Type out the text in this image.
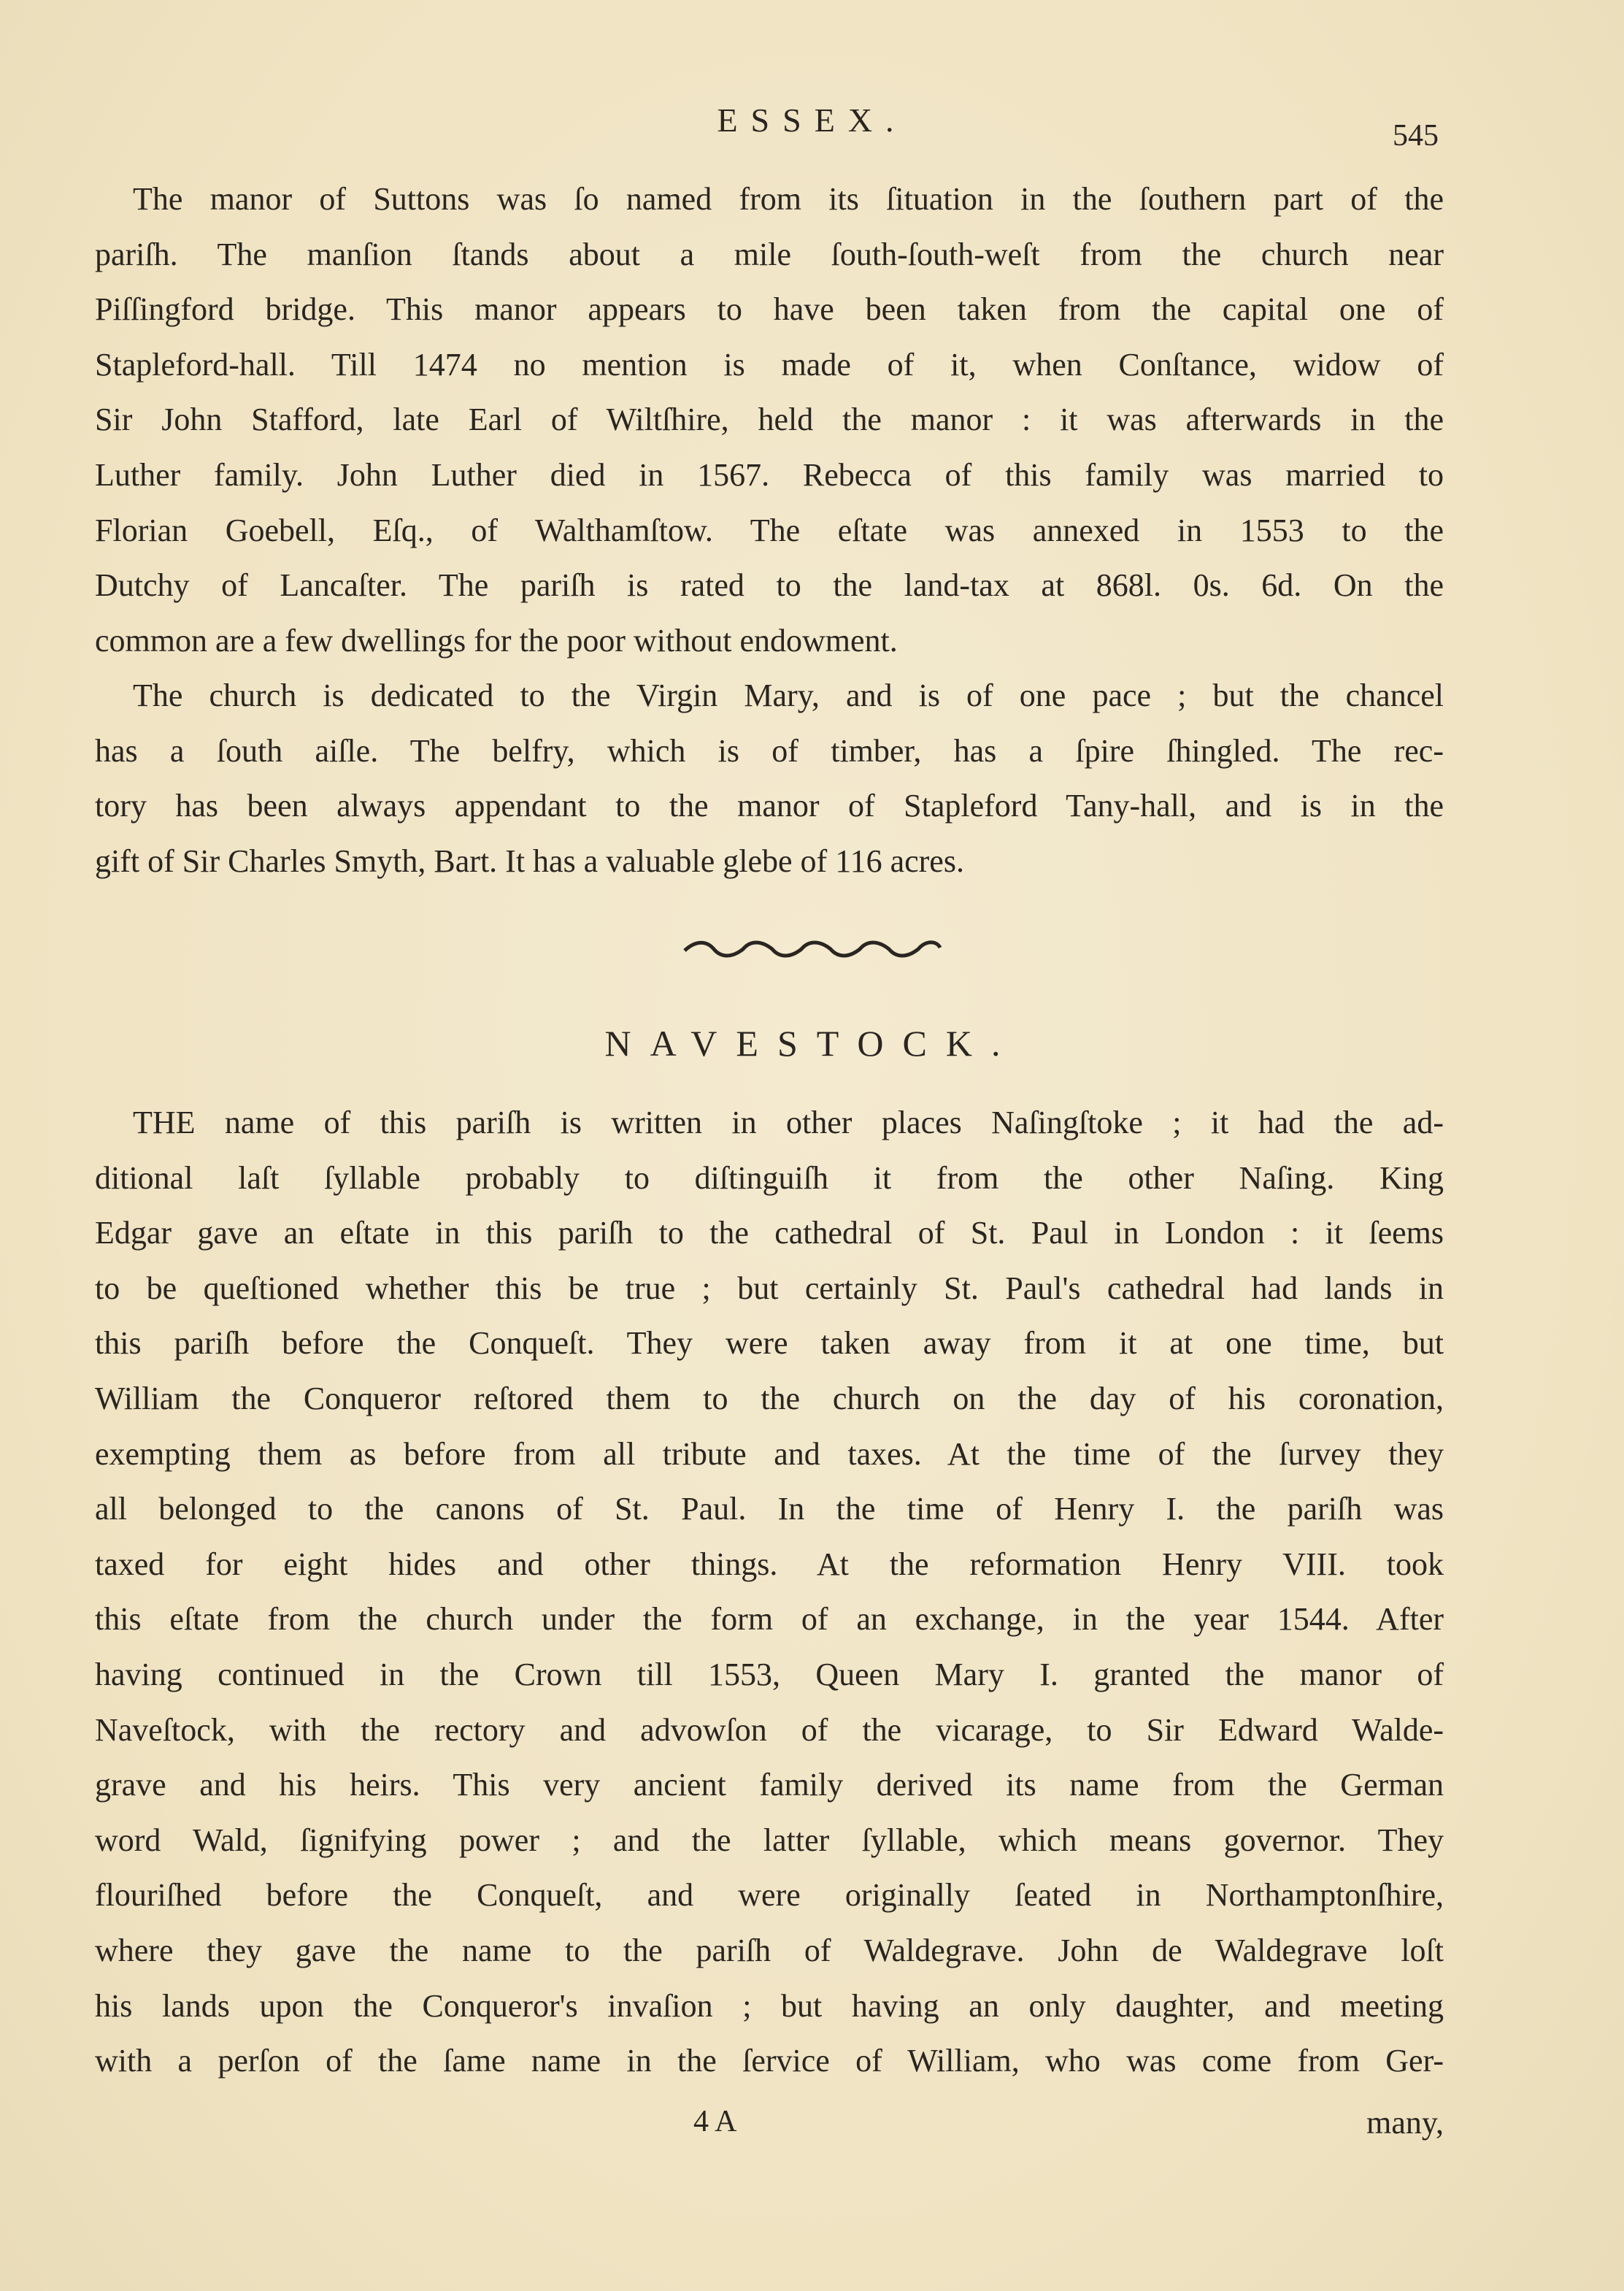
ESSEX.	545
The manor of Suttons was ſo named from its ſituation in the ſouthern part of the
pariſh. The manſion ſtands about a mile ſouth-ſouth-weſt from the church near
Piſſingford bridge. This manor appears to have been taken from the capital one of
Stapleford-hall. Till 1474 no mention is made of it, when Conſtance, widow of
Sir John Stafford, late Earl of Wiltſhire, held the manor : it was afterwards in the
Luther family. John Luther died in 1567. Rebecca of this family was married to
Florian Goebell, Eſq., of Walthamſtow. The eſtate was annexed in 1553 to the
Dutchy of Lancaſter. The pariſh is rated to the land-tax at 868l. 0s. 6d. On the
common are a few dwellings for the poor without endowment.
The church is dedicated to the Virgin Mary, and is of one pace ; but the chancel
has a ſouth aiſle. The belfry, which is of timber, has a ſpire ſhingled. The rec-
tory has been always appendant to the manor of Stapleford Tany-hall, and is in the
gift of Sir Charles Smyth, Bart. It has a valuable glebe of 116 acres.
NAVESTOCK.
THE name of this pariſh is written in other places Naſingſtoke ; it had the ad-
ditional laſt ſyllable probably to diſtinguiſh it from the other Naſing. King
Edgar gave an eſtate in this pariſh to the cathedral of St. Paul in London : it ſeems
to be queſtioned whether this be true ; but certainly St. Paul's cathedral had lands in
this pariſh before the Conqueſt. They were taken away from it at one time, but
William the Conqueror reſtored them to the church on the day of his coronation,
exempting them as before from all tribute and taxes. At the time of the ſurvey they
all belonged to the canons of St. Paul. In the time of Henry I. the pariſh was
taxed for eight hides and other things. At the reformation Henry VIII. took
this eſtate from the church under the form of an exchange, in the year 1544. After
having continued in the Crown till 1553, Queen Mary I. granted the manor of
Naveſtock, with the rectory and advowſon of the vicarage, to Sir Edward Walde-
grave and his heirs. This very ancient family derived its name from the German
word Wald, ſignifying power ; and the latter ſyllable, which means governor. They
flouriſhed before the Conqueſt, and were originally ſeated in Northamptonſhire,
where they gave the name to the pariſh of Waldegrave. John de Waldegrave loſt
his lands upon the Conqueror's invaſion ; but having an only daughter, and meeting
with a perſon of the ſame name in the ſervice of William, who was come from Ger-
4 A	many,
